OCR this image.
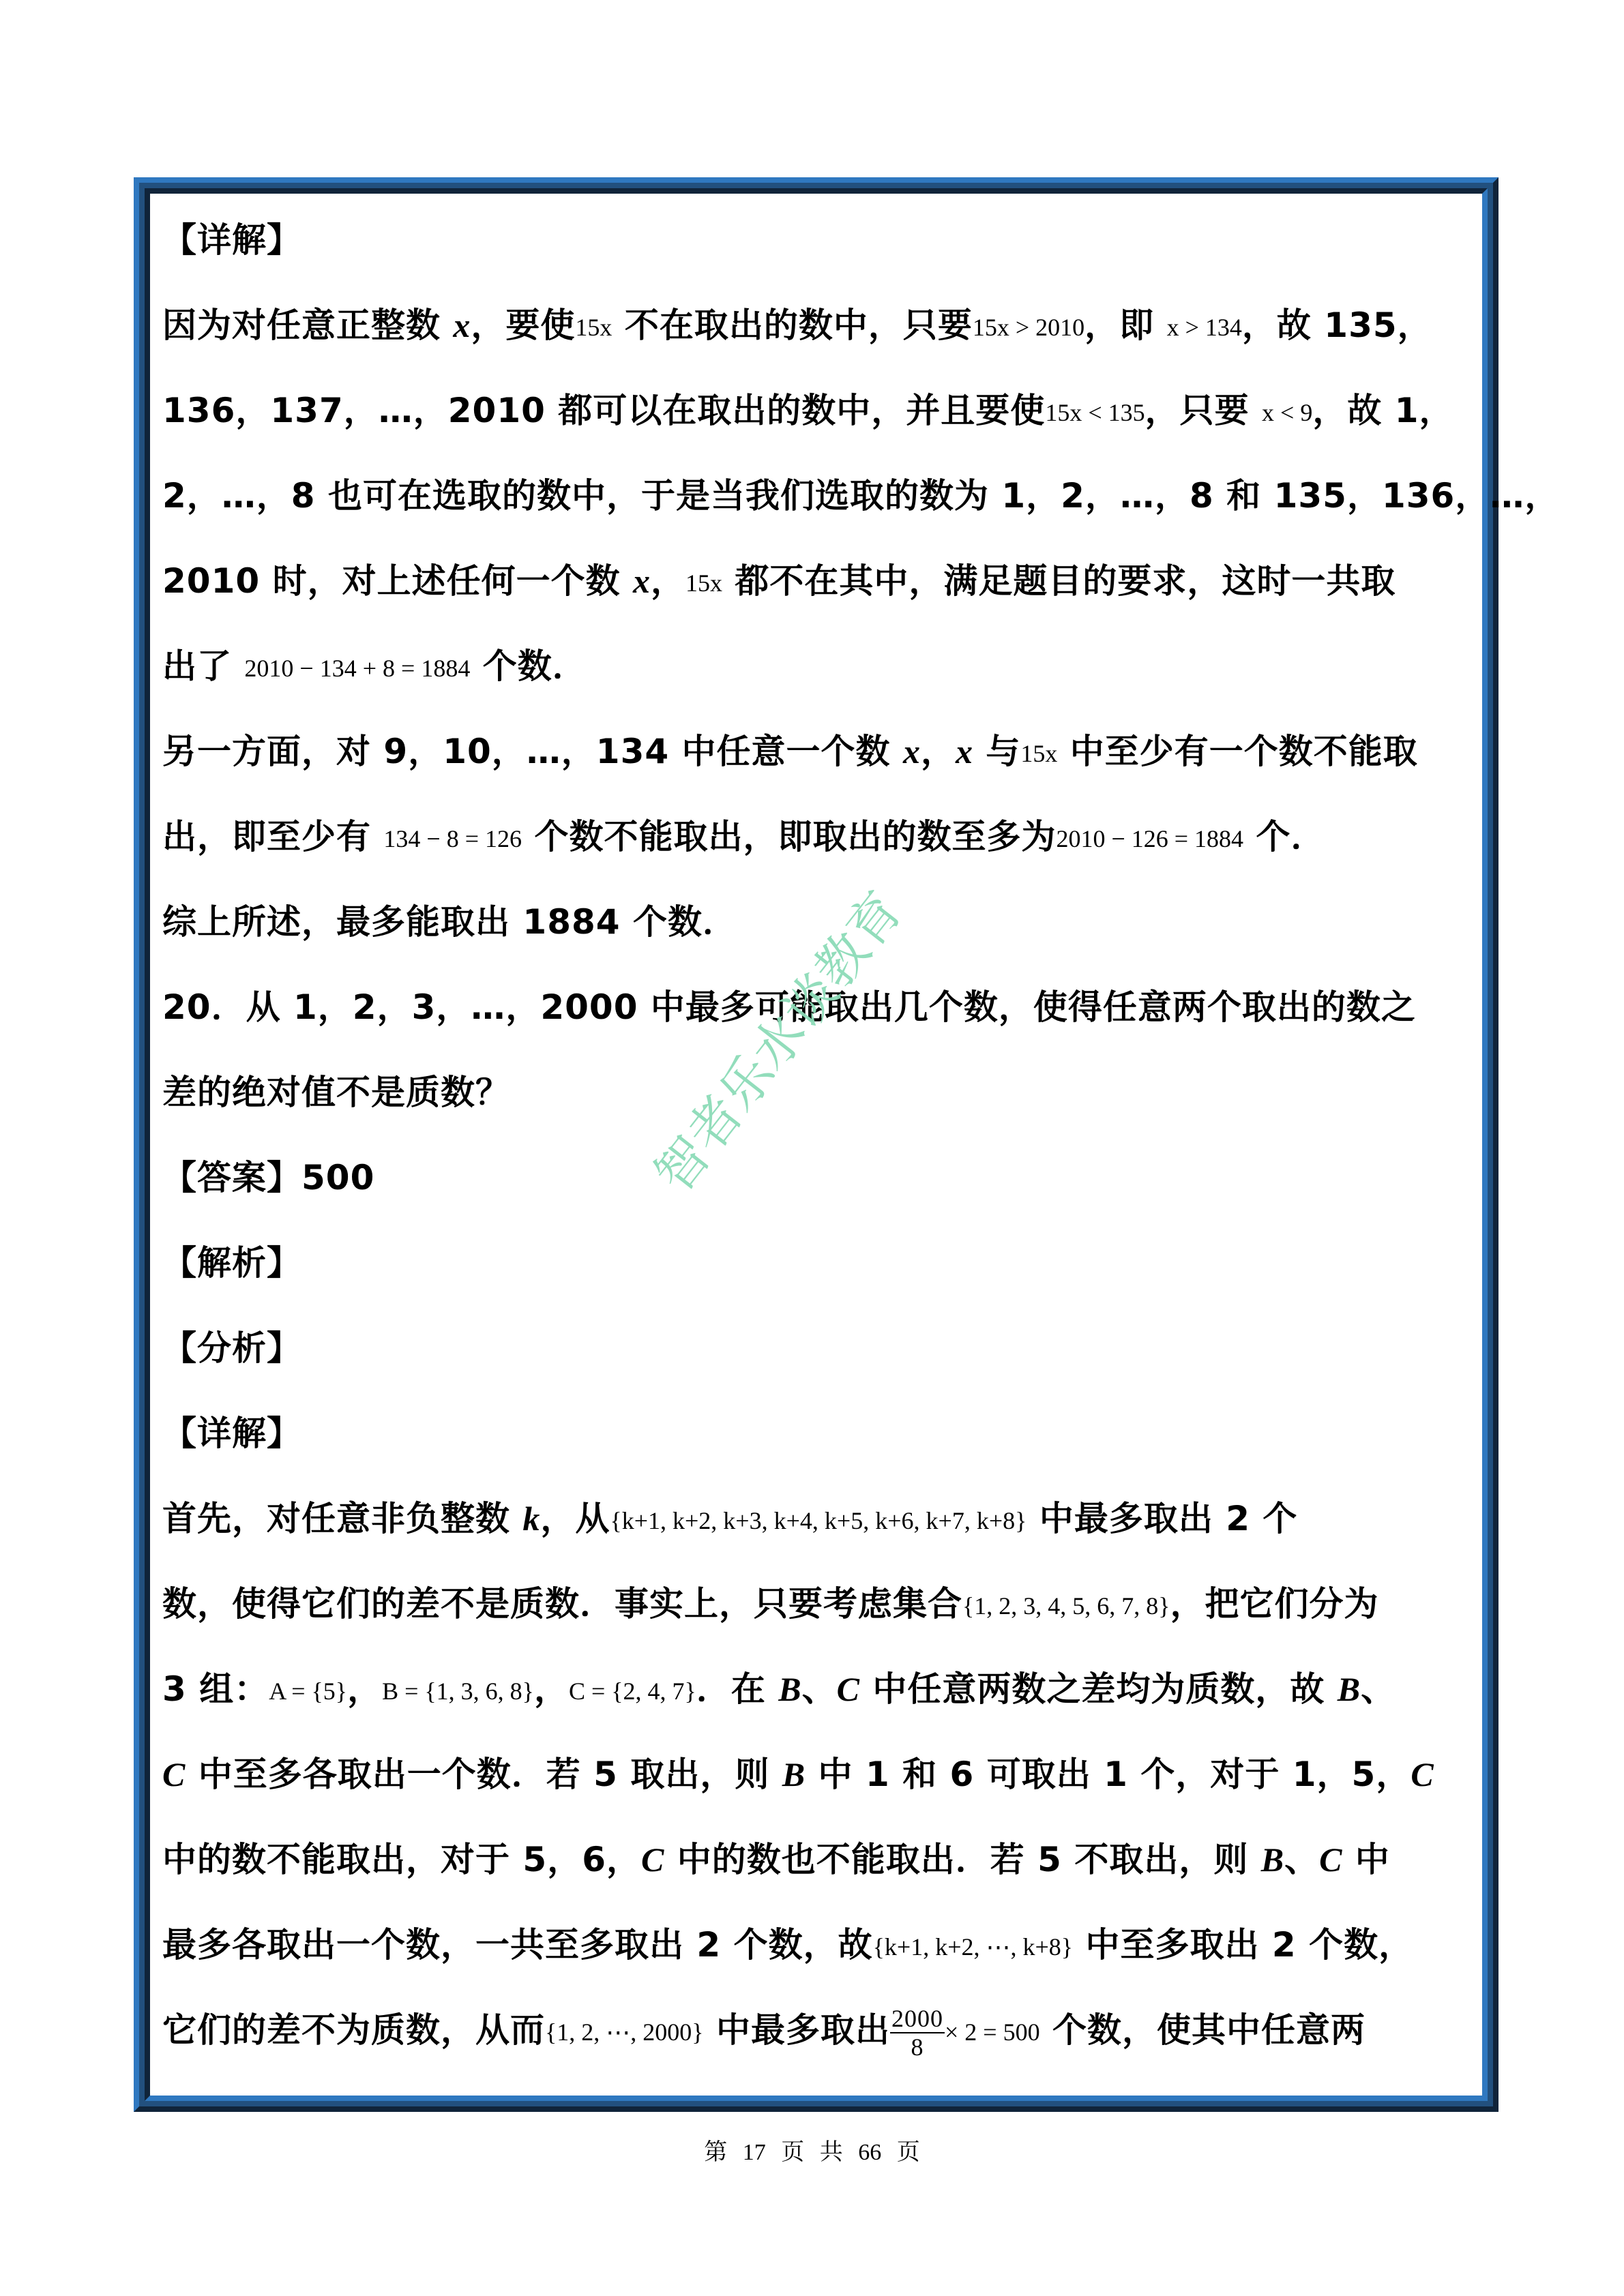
【详解】
因为对任意正整数 x，要使15x 不在取出的数中，只要15x > 2010，即 x > 134，故 135，
136，137，…，2010 都可以在取出的数中，并且要使15x < 135，只要 x < 9，故 1，
2，…，8 也可在选取的数中，于是当我们选取的数为 1，2，…，8 和 135，136，…，
2010 时，对上述任何一个数 x，15x 都不在其中，满足题目的要求，这时一共取
出了 2010 − 134 + 8 = 1884 个数．
另一方面，对 9，10，…，134 中任意一个数 x，x 与15x 中至少有一个数不能取
出，即至少有 134 − 8 = 126 个数不能取出，即取出的数至多为2010 − 126 = 1884 个．
综上所述，最多能取出 1884 个数．
20．从 1，2，3，…，2000 中最多可能取出几个数，使得任意两个取出的数之
差的绝对值不是质数？
【答案】500
【解析】
【分析】
【详解】
首先，对任意非负整数 k，从{k+1, k+2, k+3, k+4, k+5, k+6, k+7, k+8} 中最多取出 2 个
数，使得它们的差不是质数．事实上，只要考虑集合{1, 2, 3, 4, 5, 6, 7, 8}，把它们分为
3 组：A = {5}，B = {1, 3, 6, 8}，C = {2, 4, 7}．在 B、C 中任意两数之差均为质数，故 B、
C 中至多各取出一个数．若 5 取出，则 B 中 1 和 6 可取出 1 个，对于 1，5，C
中的数不能取出，对于 5，6，C 中的数也不能取出．若 5 不取出，则 B、C 中
最多各取出一个数，一共至多取出 2 个数，故{k+1, k+2, ⋯, k+8} 中至多取出 2 个数，
它们的差不为质数，从而{1, 2, ⋯, 2000} 中最多取出 $\frac{2000}{8} \times 2 = 500$ 个数，使其中任意两
智者乐水谈教育
第 17 页 共 66 页
